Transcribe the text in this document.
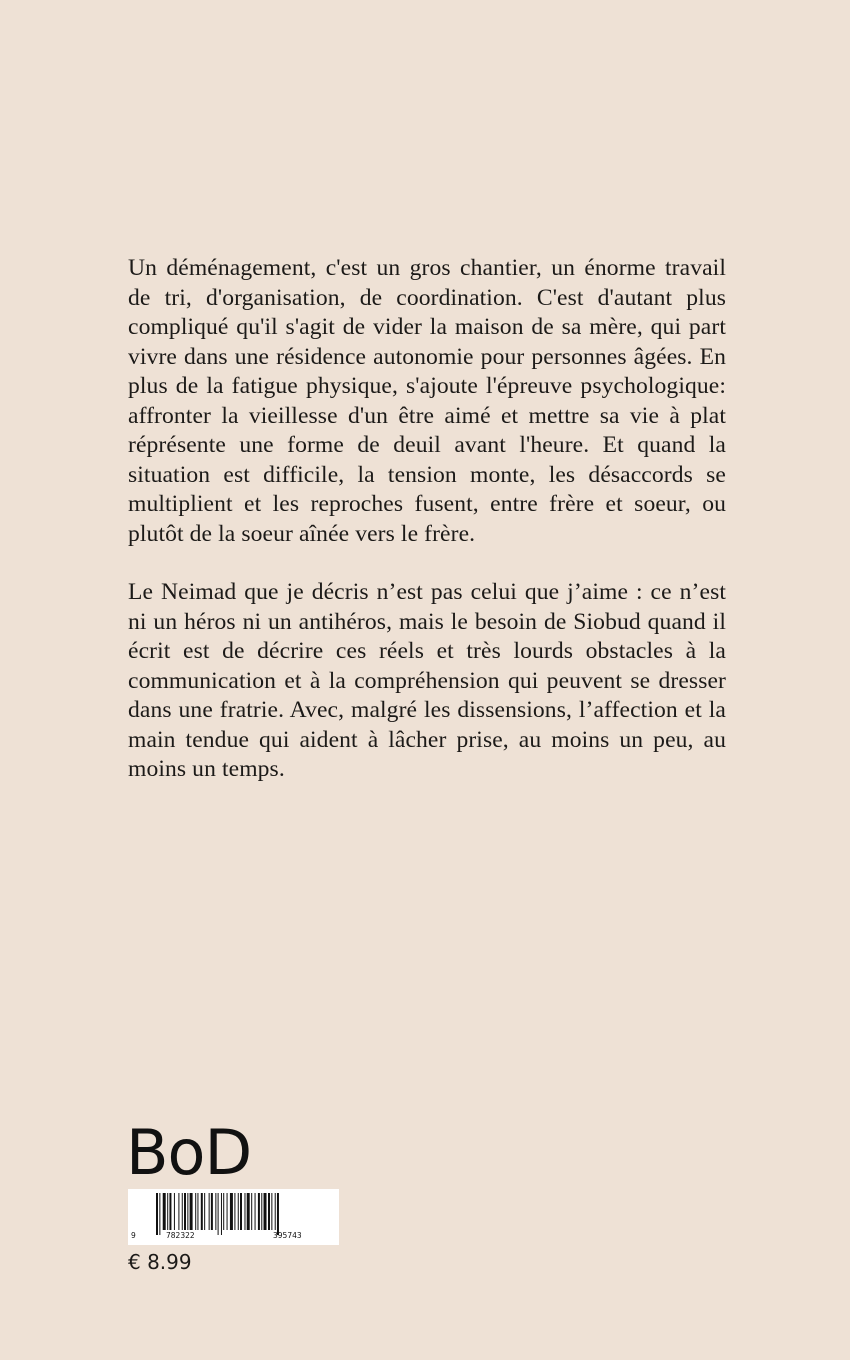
Un déménagement, c'est un gros chantier, un énorme travail de tri, d'organisation, de coordination. C'est d'autant plus compliqué qu'il s'agit de vider la maison de sa mère, qui part vivre dans une résidence autonomie pour personnes âgées. En plus de la fatigue physique, s'ajoute l'épreuve psychologique: affronter la vieillesse d'un être aimé et mettre sa vie à plat réprésente une forme de deuil avant l'heure. Et quand la situation est difficile, la tension monte, les désaccords se multiplient et les reproches fusent, entre frère et soeur, ou plutôt de la soeur aînée vers le frère.

Le Neimad que je décris n’est pas celui que j’aime : ce n’est ni un héros ni un antihéros, mais le besoin de Siobud quand il écrit est de décrire ces réels et très lourds obstacles à la communication et à la compréhension qui peuvent se dresser dans une fratrie. Avec, malgré les dissensions, l’affection et la main tendue qui aident à lâcher prise, au moins un peu, au moins un temps.

BoD
9	782322	395743
€ 8.99
